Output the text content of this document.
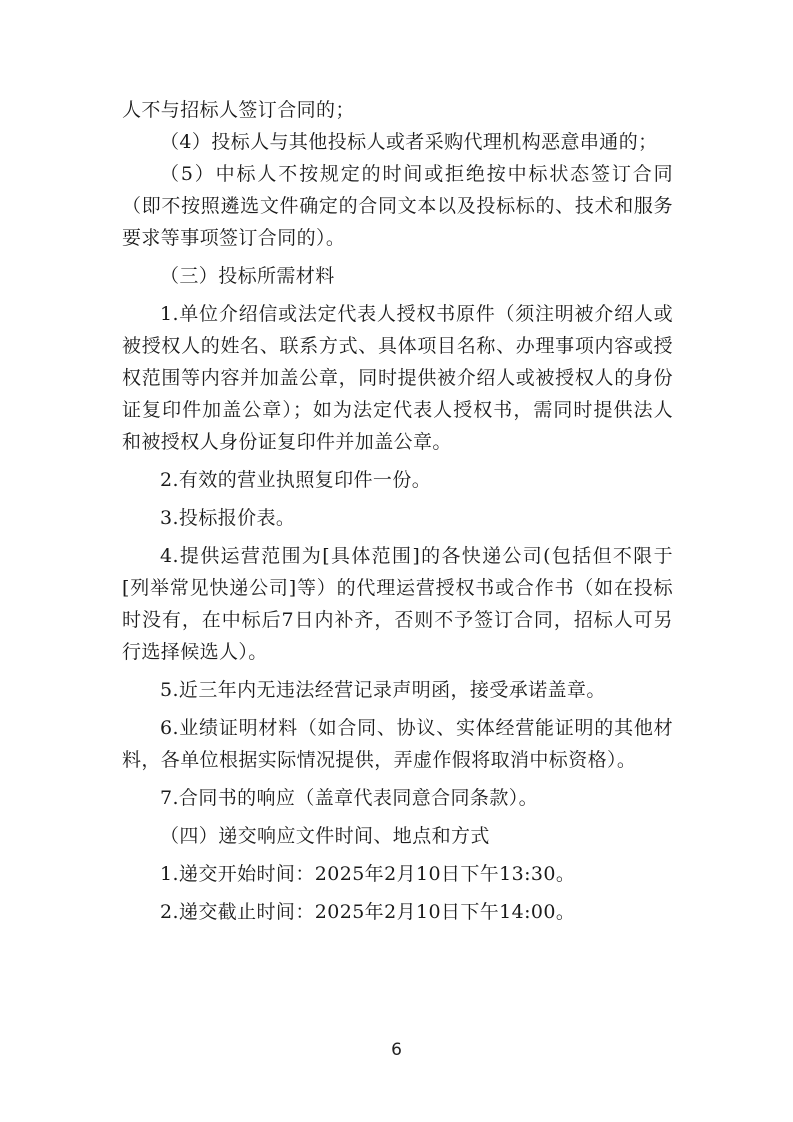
人不与招标人签订合同的；

（4）投标人与其他投标人或者采购代理机构恶意串通的；

（5）中标人不按规定的时间或拒绝按中标状态签订合同（即不按照遴选文件确定的合同文本以及投标标的、技术和服务要求等事项签订合同的）。

（三）投标所需材料

1.单位介绍信或法定代表人授权书原件（须注明被介绍人或被授权人的姓名、联系方式、具体项目名称、办理事项内容或授权范围等内容并加盖公章，同时提供被介绍人或被授权人的身份证复印件加盖公章）；如为法定代表人授权书，需同时提供法人和被授权人身份证复印件并加盖公章。

2.有效的营业执照复印件一份。

3.投标报价表。

4.提供运营范围为[具体范围]的各快递公司(包括但不限于[列举常见快递公司]等）的代理运营授权书或合作书（如在投标时没有，在中标后7日内补齐，否则不予签订合同，招标人可另行选择候选人）。

5.近三年内无违法经营记录声明函，接受承诺盖章。

6.业绩证明材料（如合同、协议、实体经营能证明的其他材料，各单位根据实际情况提供，弄虚作假将取消中标资格）。

7.合同书的响应（盖章代表同意合同条款）。

（四）递交响应文件时间、地点和方式

1.递交开始时间：2025年2月10日下午13:30。

2.递交截止时间：2025年2月10日下午14:00。

6
